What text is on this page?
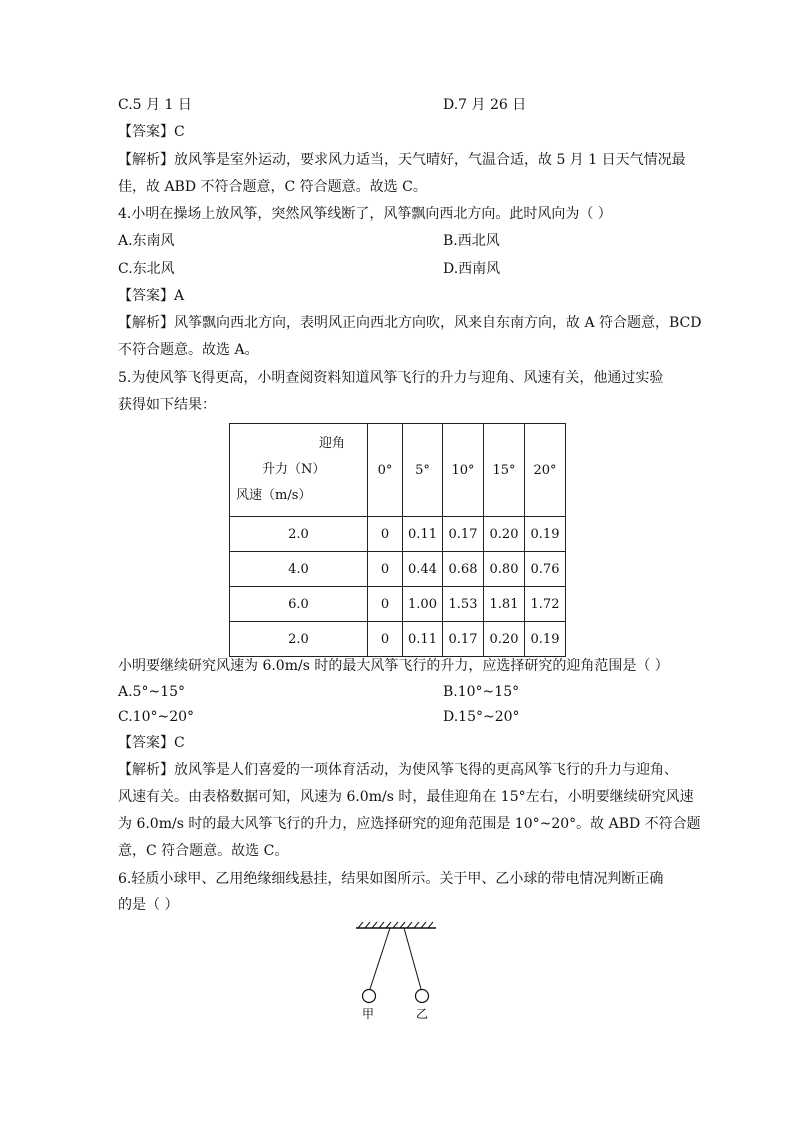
C.5 月 1 日	D.7 月 26 日
【答案】C
【解析】放风筝是室外运动，要求风力适当，天气晴好，气温合适，故 5 月 1 日天气情况最
佳，故 ABD 不符合题意，C 符合题意。故选 C。
4.小明在操场上放风筝，突然风筝线断了，风筝飘向西北方向。此时风向为（ ）
A.东南风	B.西北风
C.东北风	D.西南风
【答案】A
【解析】风筝飘向西北方向，表明风正向西北方向吹，风来自东南方向，故 A 符合题意，BCD
不符合题意。故选 A。
5.为使风筝飞得更高，小明查阅资料知道风筝飞行的升力与迎角、风速有关，他通过实验
获得如下结果：
迎角
升力（N）
风速（m/s）	0°	5°	10°	15°	20°
2.0	0	0.11	0.17	0.20	0.19
4.0	0	0.44	0.68	0.80	0.76
6.0	0	1.00	1.53	1.81	1.72
2.0	0	0.11	0.17	0.20	0.19
小明要继续研究风速为 6.0m/s 时的最大风筝飞行的升力，应选择研究的迎角范围是（ ）
A.5°~15°	B.10°~15°
C.10°~20°	D.15°~20°
【答案】C
【解析】放风筝是人们喜爱的一项体育活动，为使风筝飞得的更高风筝飞行的升力与迎角、
风速有关。由表格数据可知，风速为 6.0m/s 时，最佳迎角在 15°左右，小明要继续研究风速
为 6.0m/s 时的最大风筝飞行的升力，应选择研究的迎角范围是 10°~20°。故 ABD 不符合题
意，C 符合题意。故选 C。
6.轻质小球甲、乙用绝缘细线悬挂，结果如图所示。关于甲、乙小球的带电情况判断正确
的是（ ）
甲	乙
